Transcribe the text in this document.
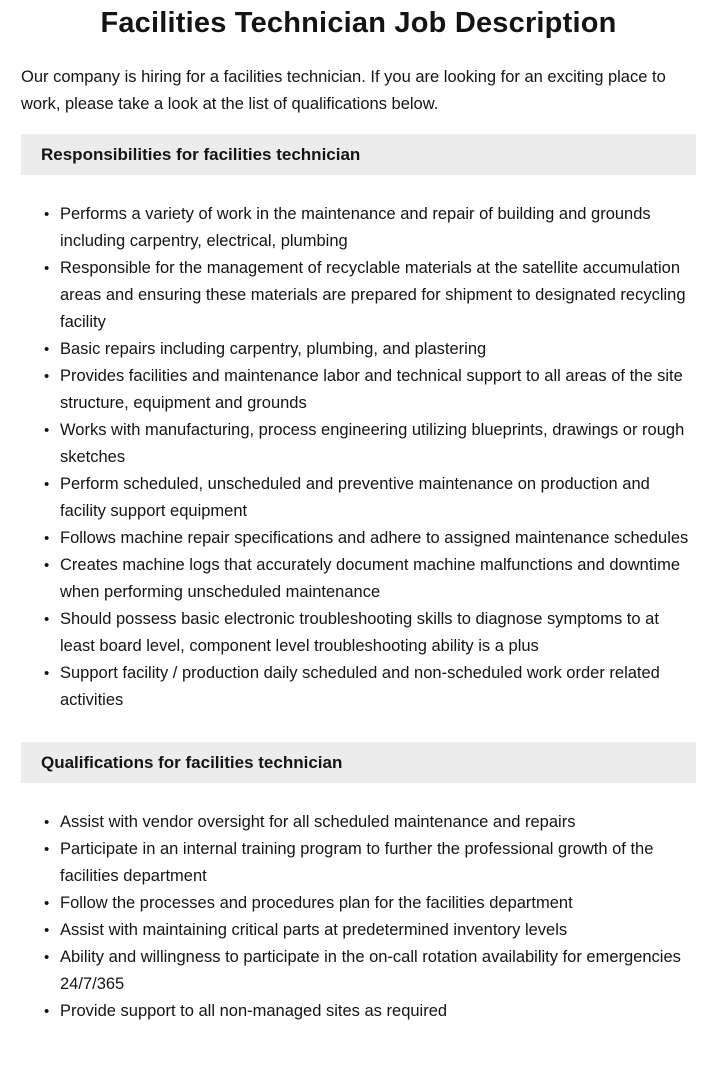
Facilities Technician Job Description

Our company is hiring for a facilities technician. If you are looking for an exciting place to work, please take a look at the list of qualifications below.

Responsibilities for facilities technician
• Performs a variety of work in the maintenance and repair of building and grounds including carpentry, electrical, plumbing
• Responsible for the management of recyclable materials at the satellite accumulation areas and ensuring these materials are prepared for shipment to designated recycling facility
• Basic repairs including carpentry, plumbing, and plastering
• Provides facilities and maintenance labor and technical support to all areas of the site structure, equipment and grounds
• Works with manufacturing, process engineering utilizing blueprints, drawings or rough sketches
• Perform scheduled, unscheduled and preventive maintenance on production and facility support equipment
• Follows machine repair specifications and adhere to assigned maintenance schedules
• Creates machine logs that accurately document machine malfunctions and downtime when performing unscheduled maintenance
• Should possess basic electronic troubleshooting skills to diagnose symptoms to at least board level, component level troubleshooting ability is a plus
• Support facility / production daily scheduled and non-scheduled work order related activities
Qualifications for facilities technician
• Assist with vendor oversight for all scheduled maintenance and repairs
• Participate in an internal training program to further the professional growth of the facilities department
• Follow the processes and procedures plan for the facilities department
• Assist with maintaining critical parts at predetermined inventory levels
• Ability and willingness to participate in the on-call rotation availability for emergencies 24/7/365
• Provide support to all non-managed sites as required
